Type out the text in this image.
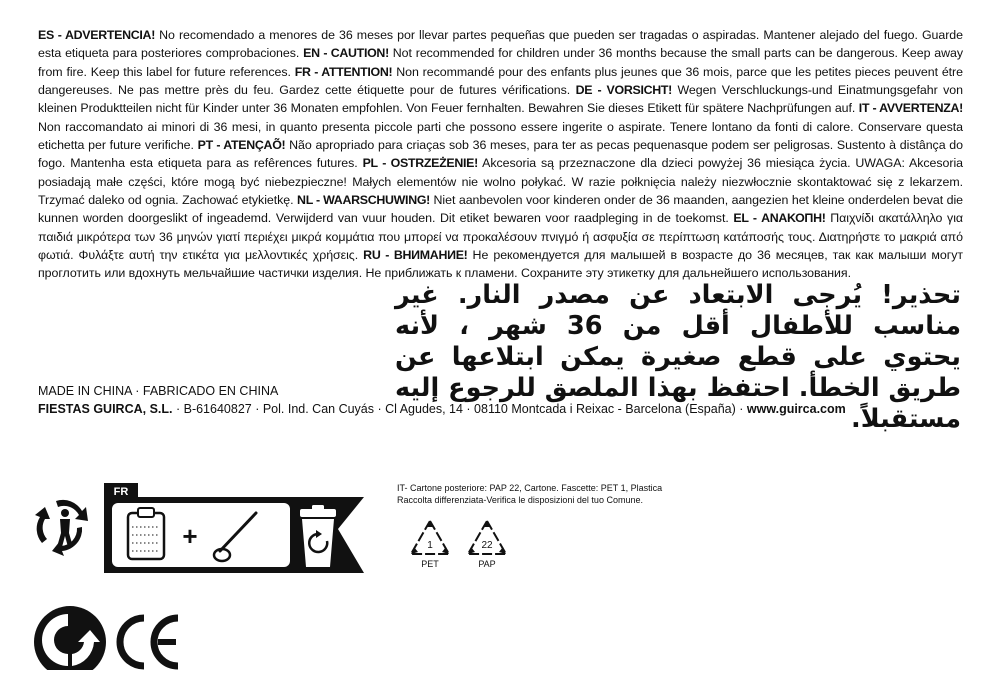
ES - ADVERTENCIA! No recomendado a menores de 36 meses por llevar partes pequeñas que pueden ser tragadas o aspiradas. Mantener alejado del fuego. Guarde esta etiqueta para posteriores comprobaciones. EN - CAUTION! Not recommended for children under 36 months because the small parts can be dangerous. Keep away from fire. Keep this label for future references. FR - ATTENTION! Non recommandé pour des enfants plus jeunes que 36 mois, parce que les petites pieces peuvent étre dangereuses. Ne pas mettre près du feu. Gardez cette étiquette pour de futures vérifications. DE - VORSICHT! Wegen Verschluckungs-und Einatmungsgefahr von kleinen Produktteilen nicht für Kinder unter 36 Monaten empfohlen. Von Feuer fernhalten. Bewahren Sie dieses Etikett für spätere Nachprüfungen auf. IT - AVVERTENZA! Non raccomandato ai minori di 36 mesi, in quanto presenta piccole parti che possono essere ingerite o aspirate. Tenere lontano da fonti di calore. Conservare questa etichetta per future verifiche. PT - ATENÇAÕ! Não apropriado para criaças sob 36 meses, para ter as pecas pequenasque podem ser peligrosas. Sustento à distânça do fogo. Mantenha esta etiqueta para as refêrences futures. PL - OSTRZEŻENIE! Akcesoria są przeznaczone dla dzieci powyżej 36 miesiąca życia. UWAGA: Akcesoria posiadają małe części, które mogą być niebezpieczne! Małych elementów nie wolno połykać. W razie połknięcia należy niezwłocznie skontaktować się z lekarzem. Trzymać daleko od ognia. Zachować etykietkę. NL - WAARSCHUWING! Niet aanbevolen voor kinderen onder de 36 maanden, aangezien het kleine onderdelen bevat die kunnen worden doorgeslikt of ingeademd. Verwijderd van vuur houden. Dit etiket bewaren voor raadpleging in de toekomst. EL - ΑΝΑΚΟΠΗ! Παιχνίδι ακατάλληλο για παιδιά μικρότερα των 36 μηνών γιατί περιέχει μικρά κομμάτια που μπορεί να προκαλέσουν πνιγμό ή ασφυξία σε περίπτωση κατάποσής τους. Διατηρήστε το μακριά από φωτιά. Φυλάξτε αυτή την ετικέτα για μελλοντικές χρήσεις. RU - ВНИМАНИЕ! Не рекомендуется для малышей в возрасте до 36 месяцев, так как малыши могут проглотить или вдохнуть мельчайшие частички изделия. Не приближать к пламени. Сохраните эту этикетку для дальнейшего использования.
تحذير! يُرجى الابتعاد عن مصدر النار. غير مناسب للأطفال أقل من 36 شهر ، لأنه يحتوي على قطع صغيرة يمكن ابتلاعها عن طريق الخطأ. احتفظ بهذا الملصق للرجوع إليه مستقبلاً.
MADE IN CHINA · FABRICADO EN CHINA
FIESTAS GUIRCA, S.L. · B-61640827 · Pol. Ind. Can Cuyás · Cl Agudes, 14 · 08110 Montcada i Reixac - Barcelona (España) · www.guirca.com
FR
+
IT- Cartone posteriore: PAP 22, Cartone. Fascette: PET 1, Plastica
Raccolta differenziata-Verifica le disposizioni del tuo Comune.
1
PET
22
PAP
